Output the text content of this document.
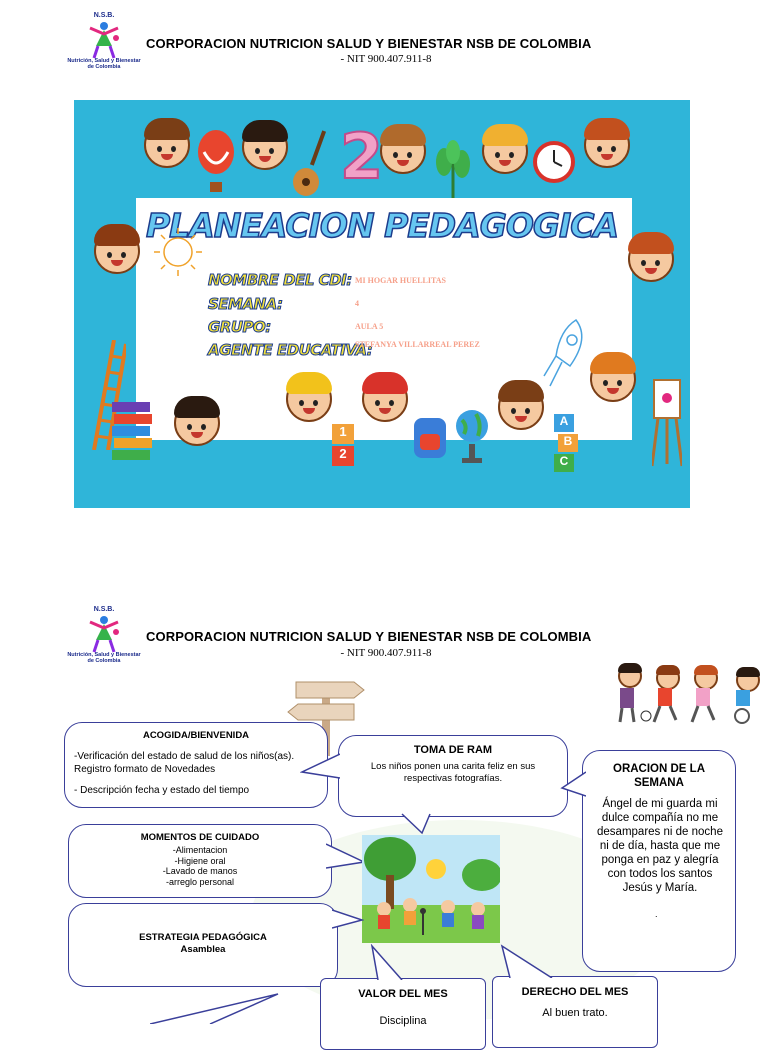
N.S.B.
Nutrición, Salud y Bienestar
de Colombia
CORPORACION NUTRICION SALUD Y BIENESTAR NSB DE COLOMBIA
- NIT 900.407.911-8
2
PLANEACION PEDAGOGICA
NOMBRE DEL CDI:
SEMANA:
GRUPO:
AGENTE EDUCATIVA:
MI HOGAR HUELLITAS
4
AULA 5
STEFANYA VILLARREAL PEREZ
1
2
A
B
C
N.S.B.
Nutrición, Salud y Bienestar
de Colombia
CORPORACION NUTRICION SALUD Y BIENESTAR NSB DE COLOMBIA
- NIT 900.407.911-8
ACOGIDA/BIENVENIDA
-Verificación del estado de salud de los niños(as). Registro formato de Novedades
- Descripción fecha y estado del tiempo
TOMA DE RAM
Los niños ponen una carita feliz en sus respectivas fotografías.
ORACION DE LA SEMANA
Ángel de mi guarda mi dulce compañía no me desampares ni de noche ni de día, hasta que me ponga en paz y alegría con todos los santos Jesús y María.
.
MOMENTOS DE CUIDADO
-Alimentacion
-Higiene oral
-Lavado de manos
-arreglo personal
ESTRATEGIA PEDAGÓGICA
Asamblea
VALOR DEL MES
Disciplina
DERECHO DEL MES
Al buen trato.
